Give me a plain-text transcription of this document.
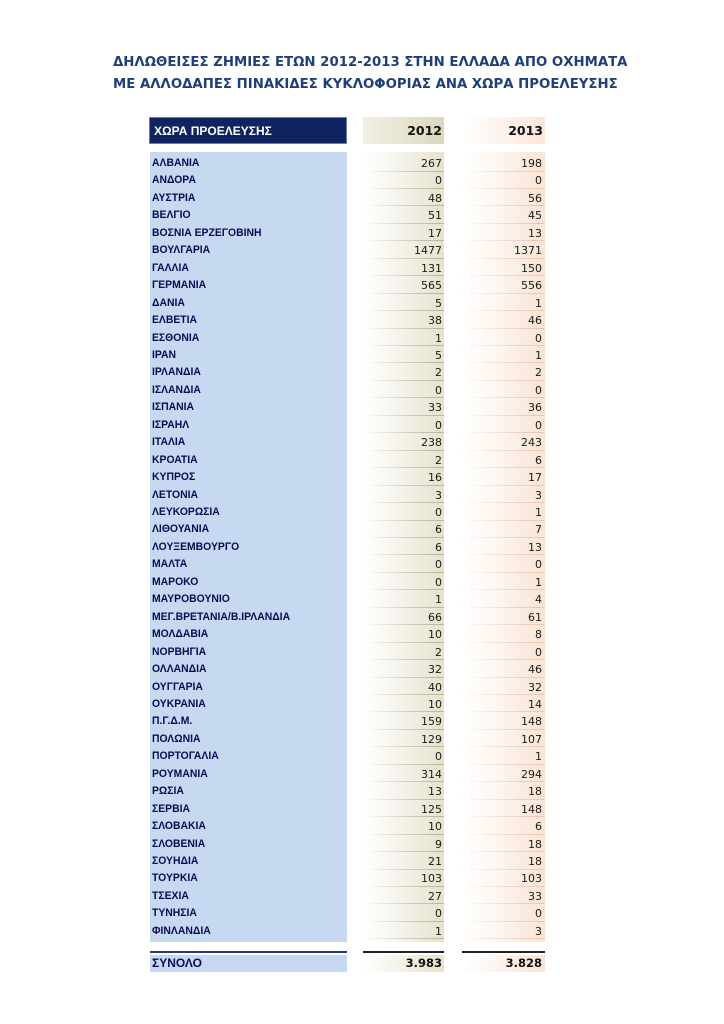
ΔΗΛΩΘΕΙΣΕΣ ΖΗΜΙΕΣ ΕΤΩΝ 2012-2013 ΣΤΗΝ ΕΛΛΑΔΑ ΑΠΟ ΟΧΗΜΑΤΑ
ΜΕ ΑΛΛΟΔΑΠΕΣ ΠΙΝΑΚΙΔΕΣ ΚΥΚΛΟΦΟΡΙΑΣ ΑΝΑ ΧΩΡΑ ΠΡΟΕΛΕΥΣΗΣ
ΧΩΡΑ ΠΡΟΕΛΕΥΣΗΣ	2012	2013
ΑΛΒΑΝΙΑ	267	198
ΑΝΔΟΡΑ	0	0
ΑΥΣΤΡΙΑ	48	56
ΒΕΛΓΙΟ	51	45
ΒΟΣΝΙΑ ΕΡΖΕΓΟΒΙΝΗ	17	13
ΒΟΥΛΓΑΡΙΑ	1477	1371
ΓΑΛΛΙΑ	131	150
ΓΕΡΜΑΝΙΑ	565	556
ΔΑΝΙΑ	5	1
ΕΛΒΕΤΙΑ	38	46
ΕΣΘΟΝΙΑ	1	0
ΙΡΑΝ	5	1
ΙΡΛΑΝΔΙΑ	2	2
ΙΣΛΑΝΔΙΑ	0	0
ΙΣΠΑΝΙΑ	33	36
ΙΣΡΑΗΛ	0	0
ΙΤΑΛΙΑ	238	243
ΚΡΟΑΤΙΑ	2	6
ΚΥΠΡΟΣ	16	17
ΛΕΤΟΝΙΑ	3	3
ΛΕΥΚΟΡΩΣΙΑ	0	1
ΛΙΘΟΥΑΝΙΑ	6	7
ΛΟΥΞΕΜΒΟΥΡΓΟ	6	13
ΜΑΛΤΑ	0	0
ΜΑΡΟΚΟ	0	1
ΜΑΥΡΟΒΟΥΝΙΟ	1	4
ΜΕΓ.ΒΡΕΤΑΝΙΑ/Β.ΙΡΛΑΝΔΙΑ	66	61
ΜΟΛΔΑΒΙΑ	10	8
ΝΟΡΒΗΓΙΑ	2	0
ΟΛΛΑΝΔΙΑ	32	46
ΟΥΓΓΑΡΙΑ	40	32
ΟΥΚΡΑΝΙΑ	10	14
Π.Γ.Δ.Μ.	159	148
ΠΟΛΩΝΙΑ	129	107
ΠΟΡΤΟΓΑΛΙΑ	0	1
ΡΟΥΜΑΝΙΑ	314	294
ΡΩΣΙΑ	13	18
ΣΕΡΒΙΑ	125	148
ΣΛΟΒΑΚΙΑ	10	6
ΣΛΟΒΕΝΙΑ	9	18
ΣΟΥΗΔΙΑ	21	18
ΤΟΥΡΚΙΑ	103	103
ΤΣΕΧΙΑ	27	33
ΤΥΝΗΣΙΑ	0	0
ΦΙΝΛΑΝΔΙΑ	1	3
ΣΥΝΟΛΟ	3.983	3.828
